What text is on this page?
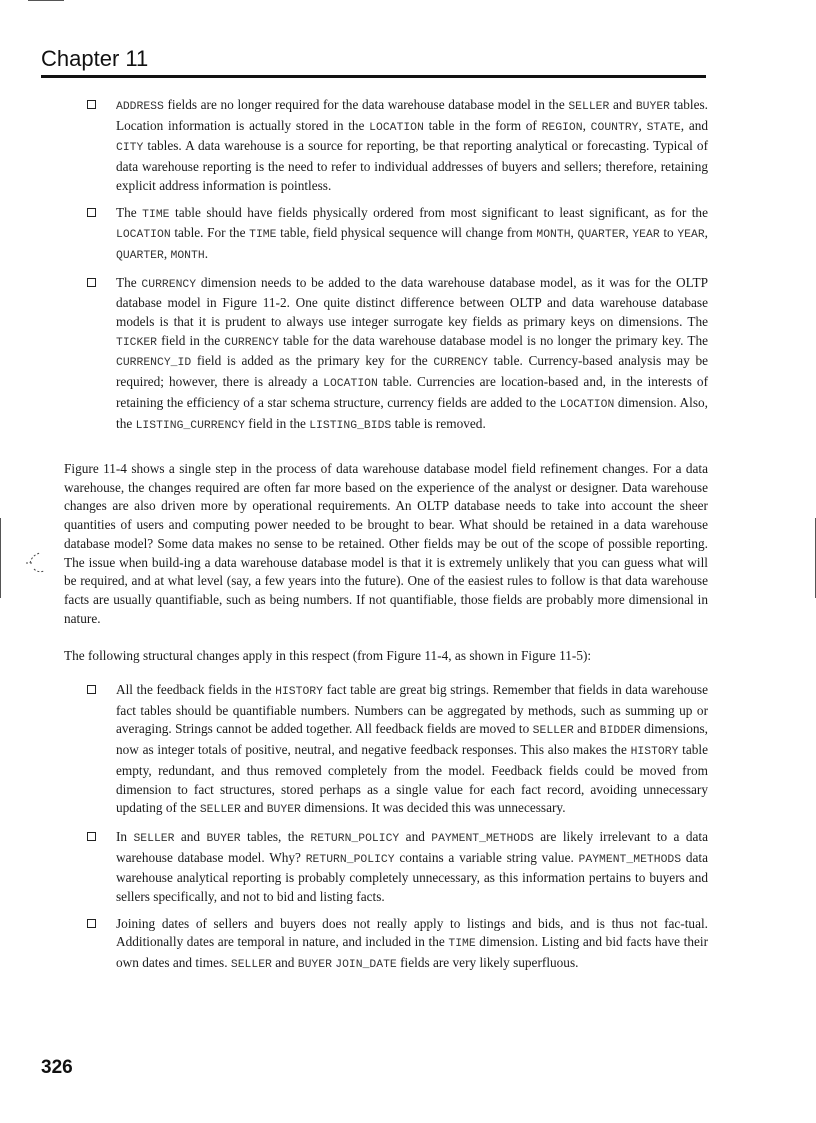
Chapter 11
ADDRESS fields are no longer required for the data warehouse database model in the SELLER and BUYER tables. Location information is actually stored in the LOCATION table in the form of REGION, COUNTRY, STATE, and CITY tables. A data warehouse is a source for reporting, be that reporting analytical or forecasting. Typical of data warehouse reporting is the need to refer to individual addresses of buyers and sellers; therefore, retaining explicit address information is pointless.
The TIME table should have fields physically ordered from most significant to least significant, as for the LOCATION table. For the TIME table, field physical sequence will change from MONTH, QUARTER, YEAR to YEAR, QUARTER, MONTH.
The CURRENCY dimension needs to be added to the data warehouse database model, as it was for the OLTP database model in Figure 11-2. One quite distinct difference between OLTP and data warehouse database models is that it is prudent to always use integer surrogate key fields as primary keys on dimensions. The TICKER field in the CURRENCY table for the data warehouse database model is no longer the primary key. The CURRENCY_ID field is added as the primary key for the CURRENCY table. Currency-based analysis may be required; however, there is already a LOCATION table. Currencies are location-based and, in the interests of retaining the efficiency of a star schema structure, currency fields are added to the LOCATION dimension. Also, the LISTING_CURRENCY field in the LISTING_BIDS table is removed.
Figure 11-4 shows a single step in the process of data warehouse database model field refinement changes. For a data warehouse, the changes required are often far more based on the experience of the analyst or designer. Data warehouse changes are also driven more by operational requirements. An OLTP database needs to take into account the sheer quantities of users and computing power needed to be brought to bear. What should be retained in a data warehouse database model? Some data makes no sense to be retained. Other fields may be out of the scope of possible reporting. The issue when build-ing a data warehouse database model is that it is extremely unlikely that you can guess what will be required, and at what level (say, a few years into the future). One of the easiest rules to follow is that data warehouse facts are usually quantifiable, such as being numbers. If not quantifiable, those fields are probably more dimensional in nature.
The following structural changes apply in this respect (from Figure 11-4, as shown in Figure 11-5):
All the feedback fields in the HISTORY fact table are great big strings. Remember that fields in data warehouse fact tables should be quantifiable numbers. Numbers can be aggregated by methods, such as summing up or averaging. Strings cannot be added together. All feedback fields are moved to SELLER and BIDDER dimensions, now as integer totals of positive, neutral, and negative feedback responses. This also makes the HISTORY table empty, redundant, and thus removed completely from the model. Feedback fields could be moved from dimension to fact structures, stored perhaps as a single value for each fact record, avoiding unnecessary updating of the SELLER and BUYER dimensions. It was decided this was unnecessary.
In SELLER and BUYER tables, the RETURN_POLICY and PAYMENT_METHODS are likely irrelevant to a data warehouse database model. Why? RETURN_POLICY contains a variable string value. PAYMENT_METHODS data warehouse analytical reporting is probably completely unnecessary, as this information pertains to buyers and sellers specifically, and not to bid and listing facts.
Joining dates of sellers and buyers does not really apply to listings and bids, and is thus not fac-tual. Additionally dates are temporal in nature, and included in the TIME dimension. Listing and bid facts have their own dates and times. SELLER and BUYER JOIN_DATE fields are very likely superfluous.
326
